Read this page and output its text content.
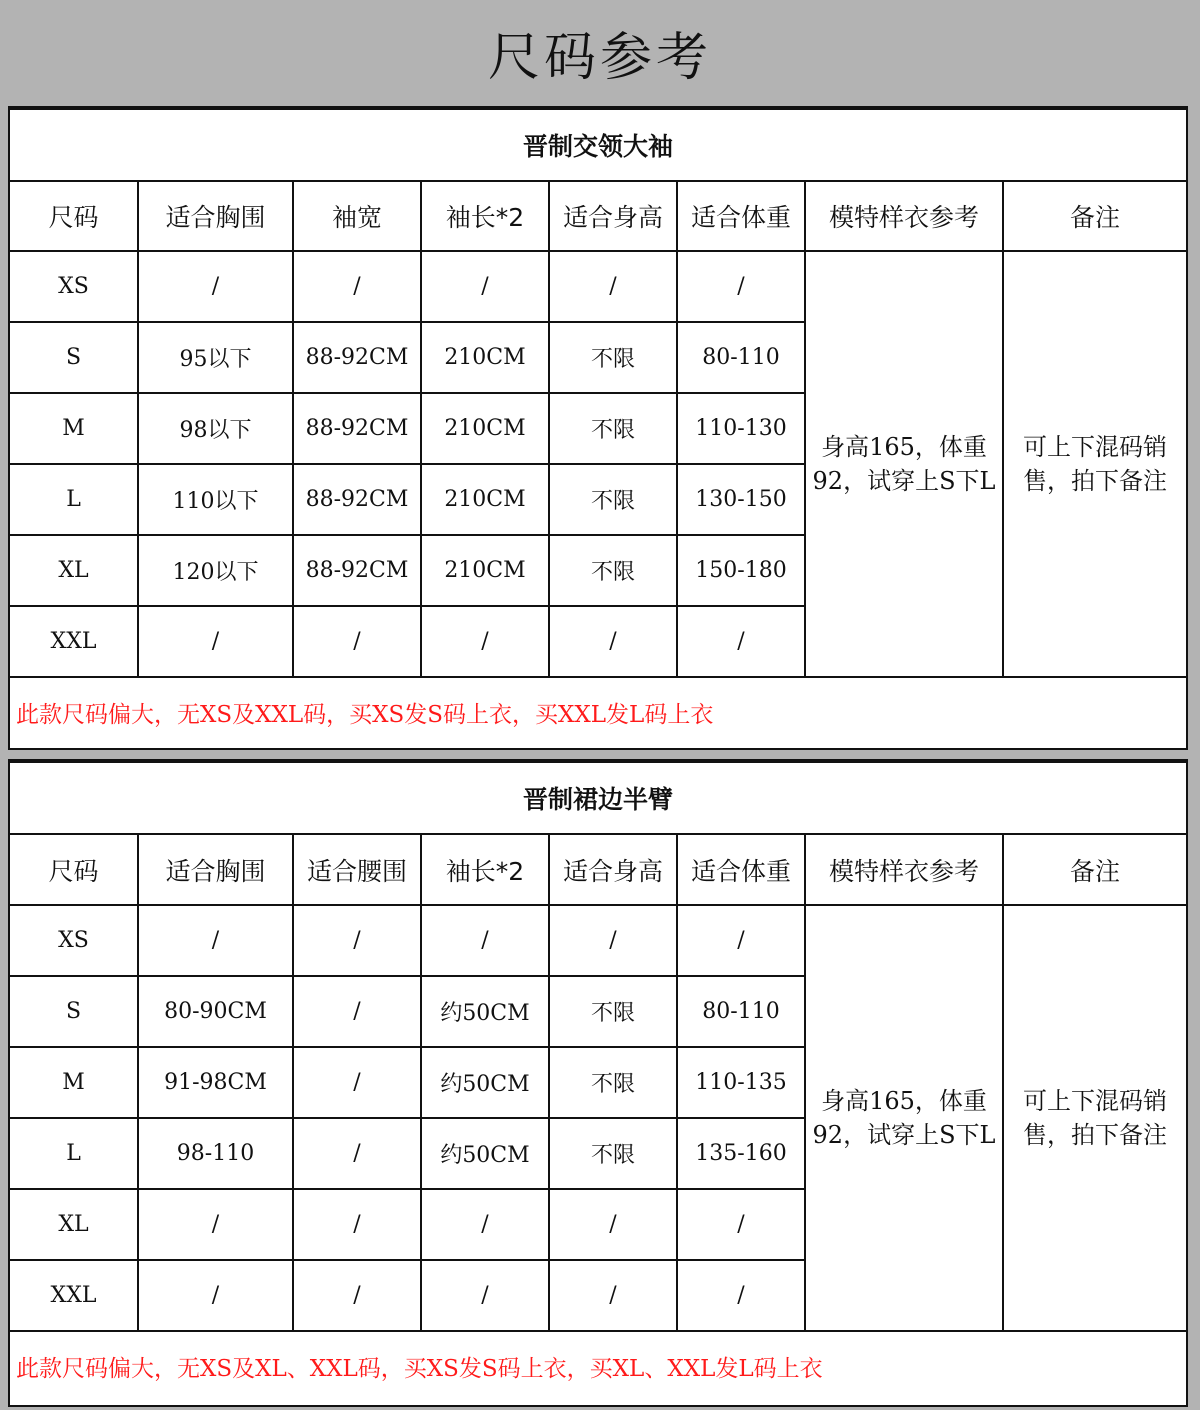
尺码参考
晋制交领大袖							
尺码	适合胸围	袖宽	袖长*2	适合身高	适合体重	模特样衣参考	备注
XS	/	/	/	/	/	身高165，体重92，试穿上S下L	可上下混码销售，拍下备注
S	95以下	88-92CM	210CM	不限	80-110		
M	98以下	88-92CM	210CM	不限	110-130		
L	110以下	88-92CM	210CM	不限	130-150		
XL	120以下	88-92CM	210CM	不限	150-180		
XXL	/	/	/	/	/		
此款尺码偏大，无XS及XXL码，买XS发S码上衣，买XXL发L码上衣							
晋制裙边半臂							
尺码	适合胸围	适合腰围	袖长*2	适合身高	适合体重	模特样衣参考	备注
XS	/	/	/	/	/	身高165，体重92，试穿上S下L	可上下混码销售，拍下备注
S	80-90CM	/	约50CM	不限	80-110		
M	91-98CM	/	约50CM	不限	110-135		
L	98-110	/	约50CM	不限	135-160		
XL	/	/	/	/	/		
XXL	/	/	/	/	/		
此款尺码偏大，无XS及XL、XXL码，买XS发S码上衣，买XL、XXL发L码上衣							
